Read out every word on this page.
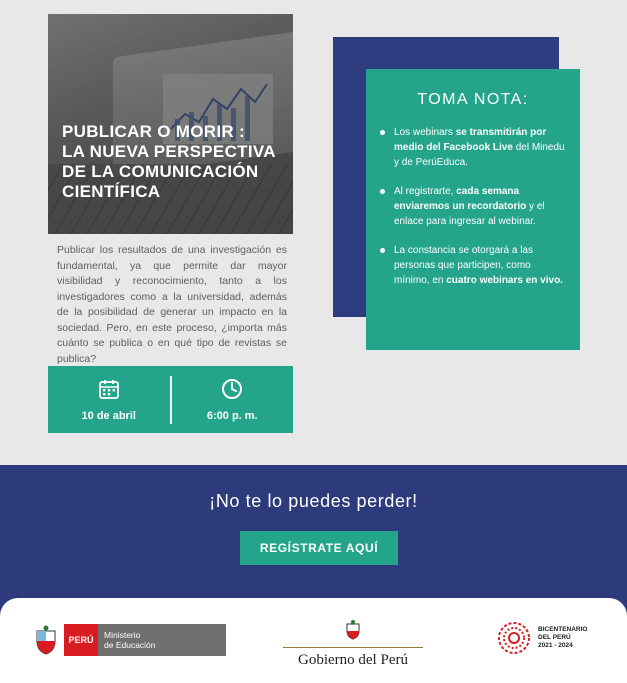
PUBLICAR O MORIR :
LA NUEVA PERSPECTIVA
DE LA COMUNICACIÓN
CIENTÍFICA

Publicar los resultados de una investigación es fundamental, ya que permite dar mayor visibilidad y reconocimiento, tanto a los investigadores como a la universidad, además de la posibilidad de generar un impacto en la sociedad. Pero, en este proceso, ¿importa más cuánto se publica o en qué tipo de revistas se publica?

10 de abril	6:00 p. m.
TOMA NOTA:
Los webinars se transmitirán por medio del Facebook Live del Minedu y de PerúEduca.
Al registrarte, cada semana enviaremos un recordatorio y el enlace para ingresar al webinar.
La constancia se otorgará a las personas que participen, como mínimo, en cuatro webinars en vivo.
¡No te lo puedes perder!
REGÍSTRATE AQUÍ
PERÚ	Ministerio
de Educación
Gobierno del Perú
BICENTENARIO
DEL PERÚ
2021 - 2024
